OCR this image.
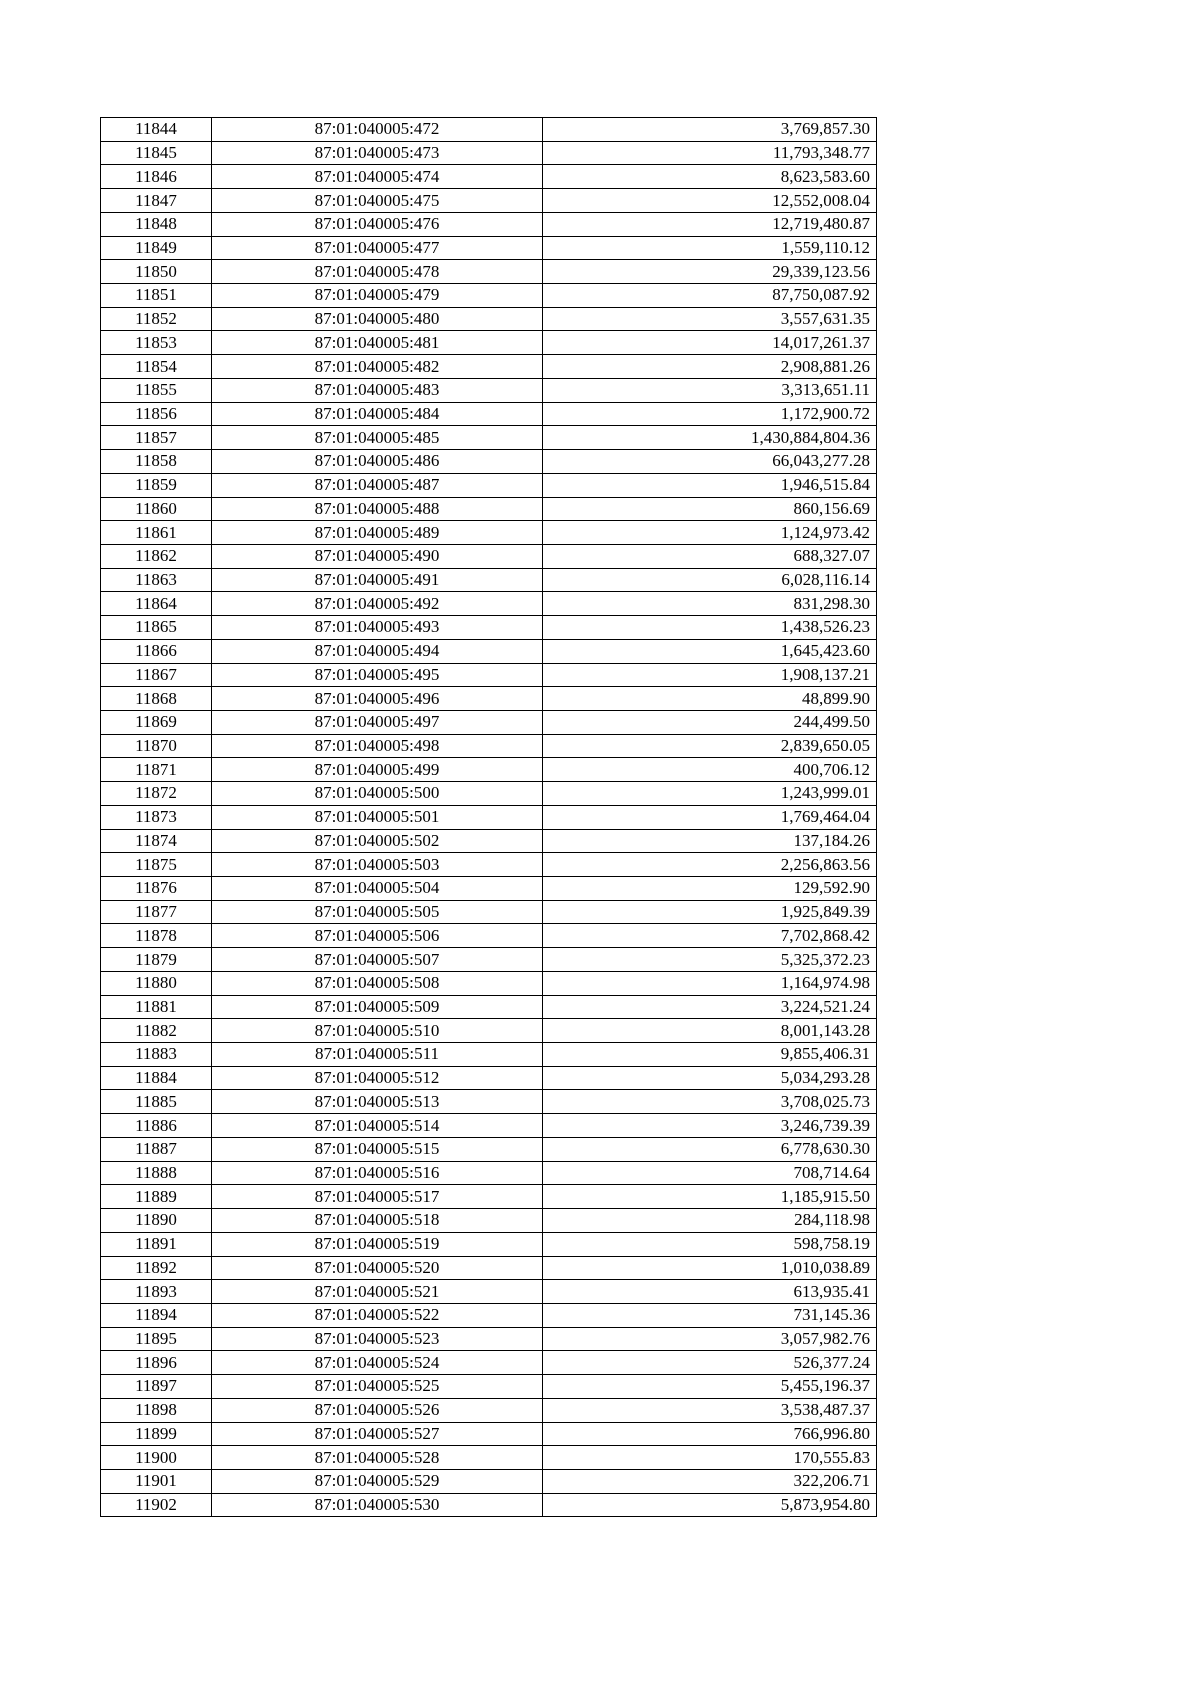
11844	87:01:040005:472	3,769,857.30
11845	87:01:040005:473	11,793,348.77
11846	87:01:040005:474	8,623,583.60
11847	87:01:040005:475	12,552,008.04
11848	87:01:040005:476	12,719,480.87
11849	87:01:040005:477	1,559,110.12
11850	87:01:040005:478	29,339,123.56
11851	87:01:040005:479	87,750,087.92
11852	87:01:040005:480	3,557,631.35
11853	87:01:040005:481	14,017,261.37
11854	87:01:040005:482	2,908,881.26
11855	87:01:040005:483	3,313,651.11
11856	87:01:040005:484	1,172,900.72
11857	87:01:040005:485	1,430,884,804.36
11858	87:01:040005:486	66,043,277.28
11859	87:01:040005:487	1,946,515.84
11860	87:01:040005:488	860,156.69
11861	87:01:040005:489	1,124,973.42
11862	87:01:040005:490	688,327.07
11863	87:01:040005:491	6,028,116.14
11864	87:01:040005:492	831,298.30
11865	87:01:040005:493	1,438,526.23
11866	87:01:040005:494	1,645,423.60
11867	87:01:040005:495	1,908,137.21
11868	87:01:040005:496	48,899.90
11869	87:01:040005:497	244,499.50
11870	87:01:040005:498	2,839,650.05
11871	87:01:040005:499	400,706.12
11872	87:01:040005:500	1,243,999.01
11873	87:01:040005:501	1,769,464.04
11874	87:01:040005:502	137,184.26
11875	87:01:040005:503	2,256,863.56
11876	87:01:040005:504	129,592.90
11877	87:01:040005:505	1,925,849.39
11878	87:01:040005:506	7,702,868.42
11879	87:01:040005:507	5,325,372.23
11880	87:01:040005:508	1,164,974.98
11881	87:01:040005:509	3,224,521.24
11882	87:01:040005:510	8,001,143.28
11883	87:01:040005:511	9,855,406.31
11884	87:01:040005:512	5,034,293.28
11885	87:01:040005:513	3,708,025.73
11886	87:01:040005:514	3,246,739.39
11887	87:01:040005:515	6,778,630.30
11888	87:01:040005:516	708,714.64
11889	87:01:040005:517	1,185,915.50
11890	87:01:040005:518	284,118.98
11891	87:01:040005:519	598,758.19
11892	87:01:040005:520	1,010,038.89
11893	87:01:040005:521	613,935.41
11894	87:01:040005:522	731,145.36
11895	87:01:040005:523	3,057,982.76
11896	87:01:040005:524	526,377.24
11897	87:01:040005:525	5,455,196.37
11898	87:01:040005:526	3,538,487.37
11899	87:01:040005:527	766,996.80
11900	87:01:040005:528	170,555.83
11901	87:01:040005:529	322,206.71
11902	87:01:040005:530	5,873,954.80
